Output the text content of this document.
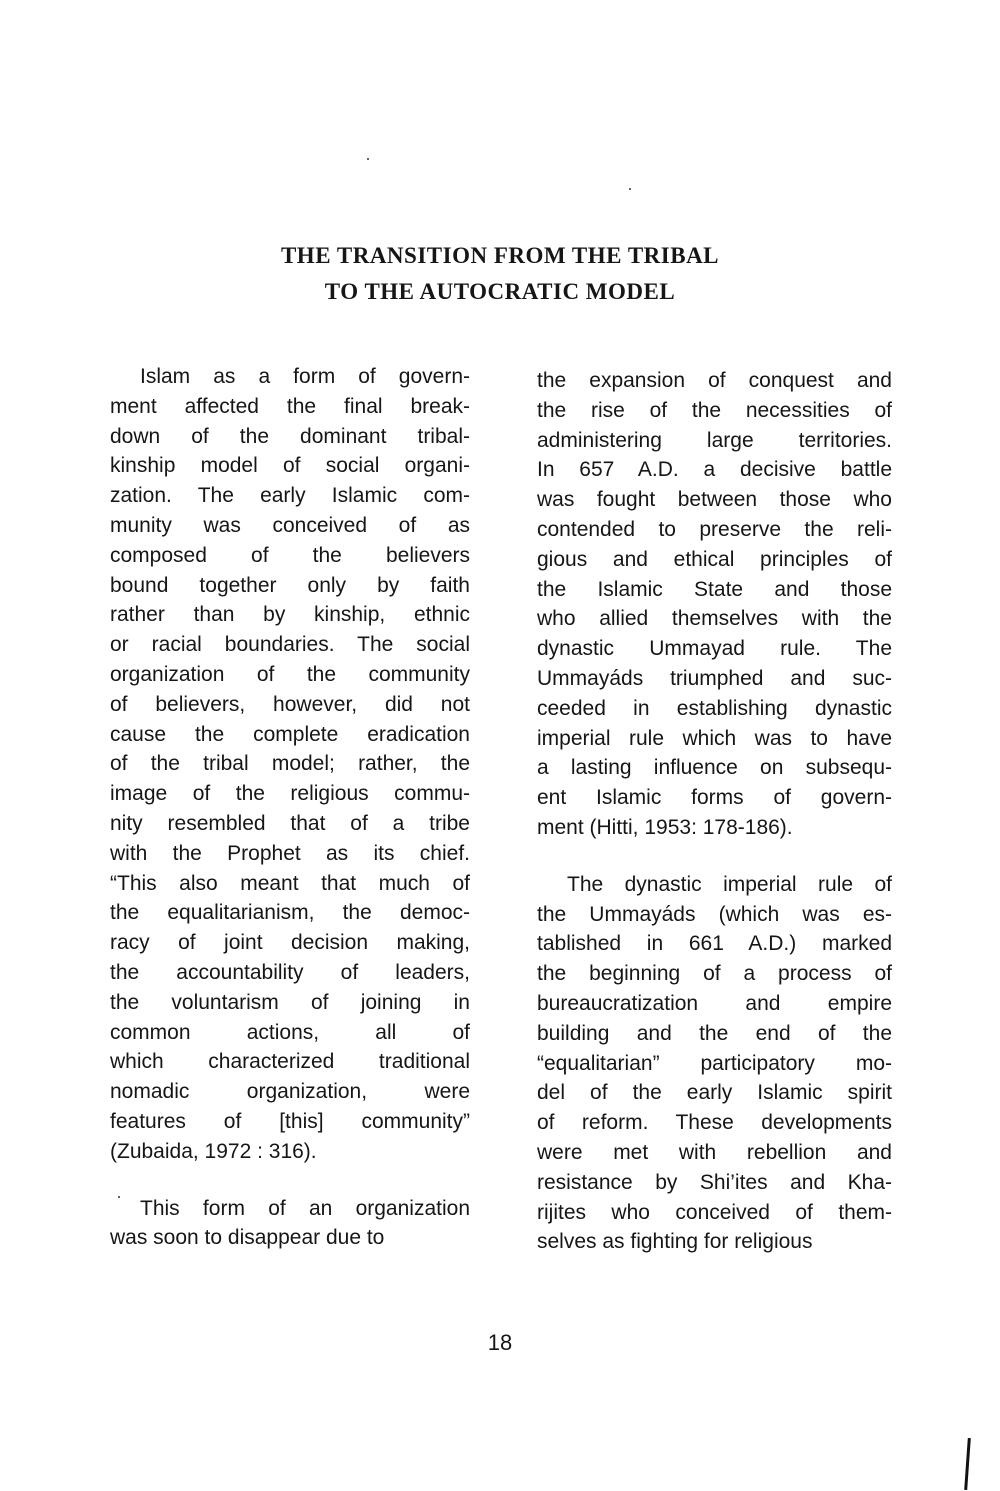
THE TRANSITION FROM THE TRIBAL
TO THE AUTOCRATIC MODEL
Islam as a form of govern-
ment affected the final break-
down of the dominant tribal-
kinship model of social organi-
zation. The early Islamic com-
munity was conceived of as
composed of the believers
bound together only by faith
rather than by kinship, ethnic
or racial boundaries. The social
organization of the community
of believers, however, did not
cause the complete eradication
of the tribal model; rather, the
image of the religious commu-
nity resembled that of a tribe
with the Prophet as its chief.
“This also meant that much of
the equalitarianism, the democ-
racy of joint decision making,
the accountability of leaders,
the voluntarism of joining in
common actions, all of
which characterized traditional
nomadic organization, were
features of [this] community”
(Zubaida, 1972 : 316).
This form of an organization
was soon to disappear due to
the expansion of conquest and
the rise of the necessities of
administering large territories.
In 657 A.D. a decisive battle
was fought between those who
contended to preserve the reli-
gious and ethical principles of
the Islamic State and those
who allied themselves with the
dynastic Ummayad rule. The
Ummayáds triumphed and suc-
ceeded in establishing dynastic
imperial rule which was to have
a lasting influence on subsequ-
ent Islamic forms of govern-
ment (Hitti, 1953: 178-186).
The dynastic imperial rule of
the Ummayáds (which was es-
tablished in 661 A.D.) marked
the beginning of a process of
bureaucratization and empire
building and the end of the
“equalitarian” participatory mo-
del of the early Islamic spirit
of reform. These developments
were met with rebellion and
resistance by Shi’ites and Kha-
rijites who conceived of them-
selves as fighting for religious
18
